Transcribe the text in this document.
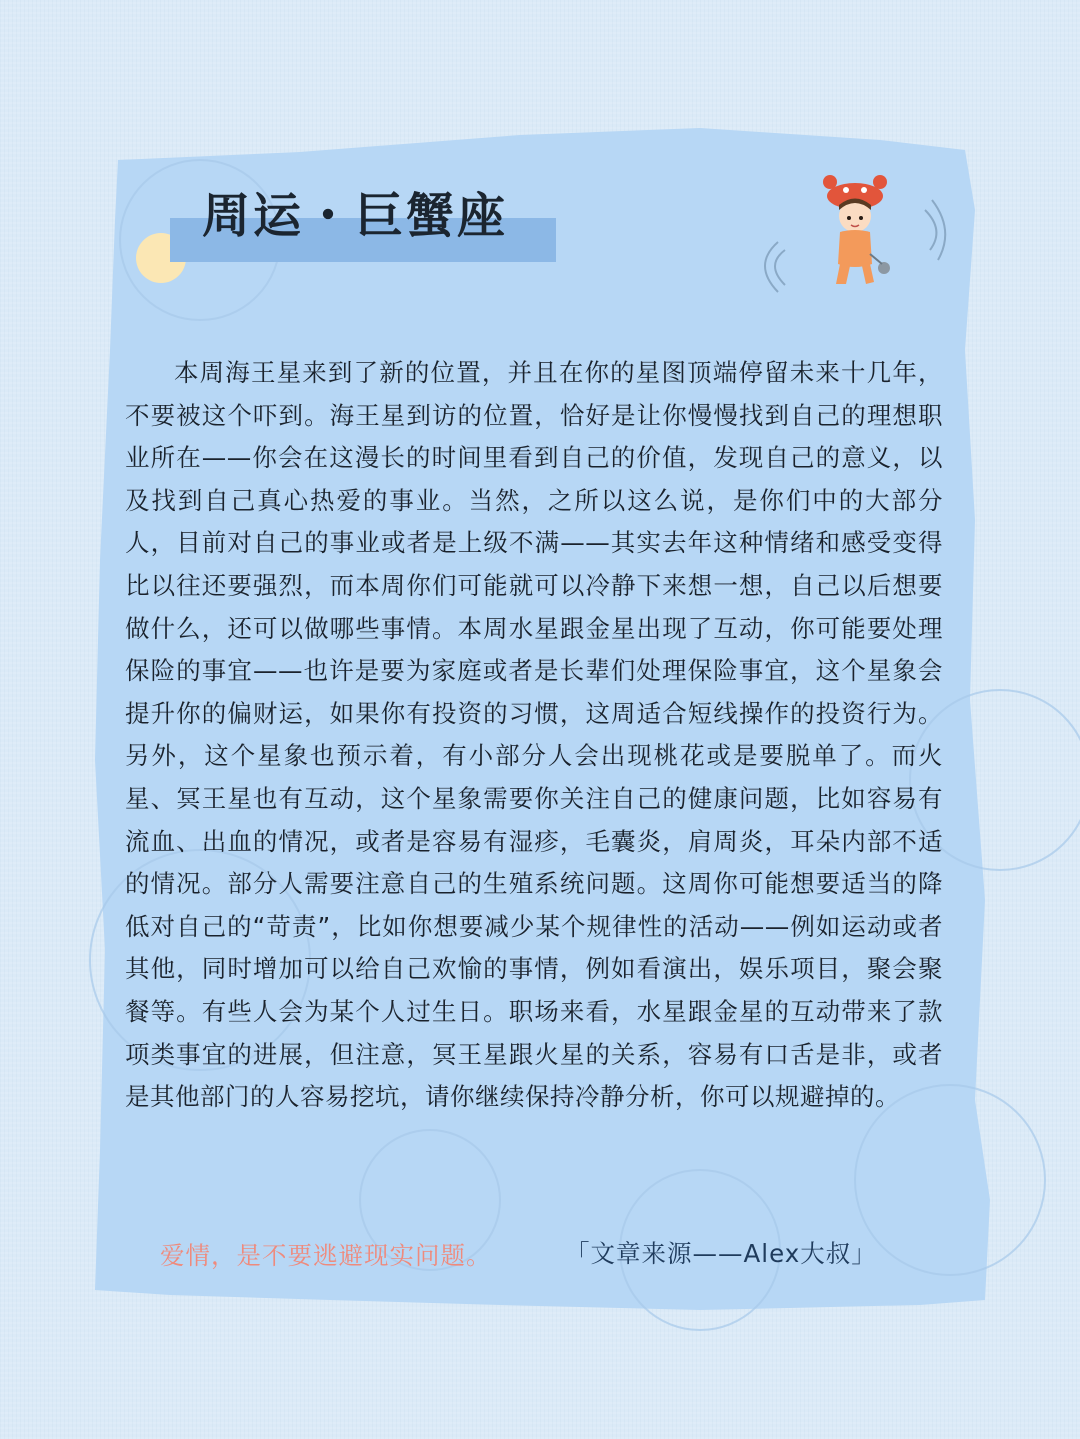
周运・巨蟹座

本周海王星来到了新的位置，并且在你的星图顶端停留未来十几年，不要被这个吓到。海王星到访的位置，恰好是让你慢慢找到自己的理想职业所在——你会在这漫长的时间里看到自己的价值，发现自己的意义，以及找到自己真心热爱的事业。当然，之所以这么说，是你们中的大部分人，目前对自己的事业或者是上级不满——其实去年这种情绪和感受变得比以往还要强烈，而本周你们可能就可以冷静下来想一想，自己以后想要做什么，还可以做哪些事情。本周水星跟金星出现了互动，你可能要处理保险的事宜——也许是要为家庭或者是长辈们处理保险事宜，这个星象会提升你的偏财运，如果你有投资的习惯，这周适合短线操作的投资行为。另外，这个星象也预示着，有小部分人会出现桃花或是要脱单了。而火星、冥王星也有互动，这个星象需要你关注自己的健康问题，比如容易有流血、出血的情况，或者是容易有湿疹，毛囊炎，肩周炎，耳朵内部不适的情况。部分人需要注意自己的生殖系统问题。这周你可能想要适当的降低对自己的“苛责”，比如你想要减少某个规律性的活动——例如运动或者其他，同时增加可以给自己欢愉的事情，例如看演出，娱乐项目，聚会聚餐等。有些人会为某个人过生日。职场来看，水星跟金星的互动带来了款项类事宜的进展，但注意，冥王星跟火星的关系，容易有口舌是非，或者是其他部门的人容易挖坑，请你继续保持冷静分析，你可以规避掉的。

爱情，是不要逃避现实问题。	「文章来源——Alex大叔」
